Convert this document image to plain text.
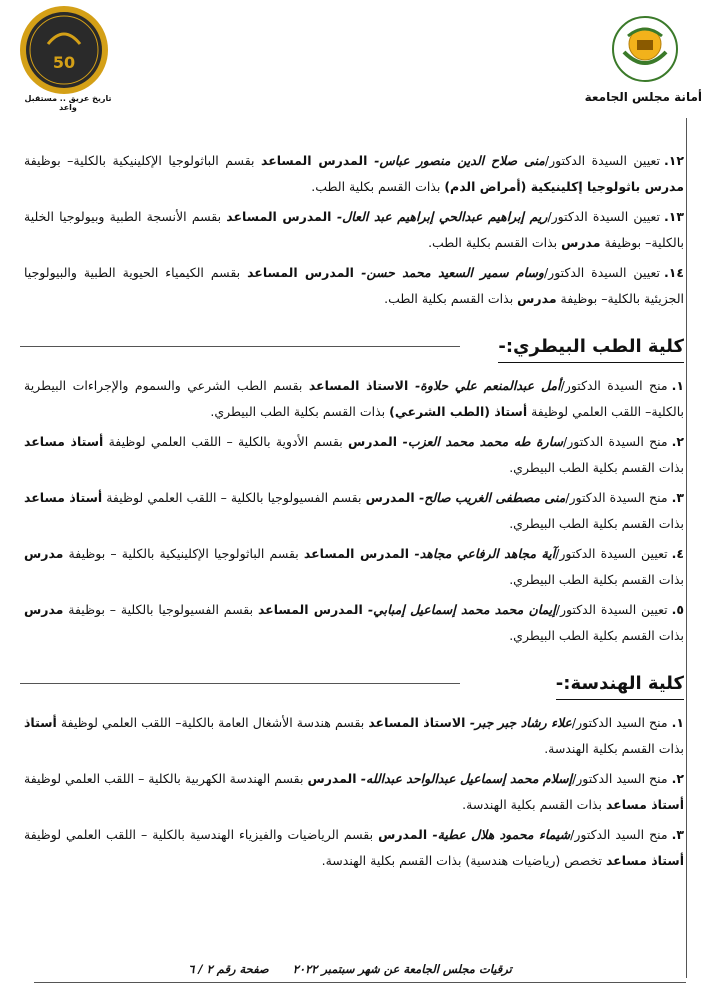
أمانة مجلس الجامعة
50
تاريخ عريق .. مستقبل واعد
١٢.تعيين السيدة الدكتور/منى صلاح الدين منصور عباس- المدرس المساعد بقسم الباثولوجيا الإكلينيكية بالكلية– بوظيفة مدرس باثولوجيا إكلينيكية (أمراض الدم) بذات القسم بكلية الطب.
١٣.تعيين السيدة الدكتور/ريم إبراهيم عبدالحي إبراهيم عبد العال- المدرس المساعد بقسم الأنسجة الطبية وبيولوجيا الخلية بالكلية– بوظيفة مدرس بذات القسم بكلية الطب.
١٤.تعيين السيدة الدكتور/وسام سمير السعيد محمد حسن- المدرس المساعد بقسم الكيمياء الحيوية الطبية والبيولوجيا الجزيئية بالكلية– بوظيفة مدرس بذات القسم بكلية الطب.
كلية الطب البيطري:-
١.منح السيدة الدكتور/أمل عبدالمنعم علي حلاوة- الاستاذ المساعد بقسم الطب الشرعي والسموم والإجراءات البيطرية بالكلية– اللقب العلمي لوظيفة أستاذ (الطب الشرعي) بذات القسم بكلية الطب البيطري.
٢.منح السيدة الدكتور/سارة طه محمد محمد العزب- المدرس بقسم الأدوية بالكلية – اللقب العلمي لوظيفة أستاذ مساعد بذات القسم بكلية الطب البيطري.
٣.منح السيدة الدكتور/منى مصطفى الغريب صالح- المدرس بقسم الفسيولوجيا بالكلية – اللقب العلمي لوظيفة أستاذ مساعد بذات القسم بكلية الطب البيطري.
٤.تعيين السيدة الدكتور/آية مجاهد الرفاعي مجاهد- المدرس المساعد بقسم الباثولوجيا الإكلينيكية بالكلية – بوظيفة مدرس بذات القسم بكلية الطب البيطري.
٥.تعيين السيدة الدكتور/إيمان محمد محمد إسماعيل إمبابي- المدرس المساعد بقسم الفسيولوجيا بالكلية – بوظيفة مدرس بذات القسم بكلية الطب البيطري.
كلية الهندسة:-
١.منح السيد الدكتور/علاء رشاد جبر جبر- الاستاذ المساعد بقسم هندسة الأشغال العامة بالكلية– اللقب العلمي لوظيفة أستاذ بذات القسم بكلية الهندسة.
٢.منح السيد الدكتور/إسلام محمد إسماعيل عبدالواحد عبدالله- المدرس بقسم الهندسة الكهربية بالكلية – اللقب العلمي لوظيفة أستاذ مساعد بذات القسم بكلية الهندسة.
٣.منح السيد الدكتور/شيماء محمود هلال عطية- المدرس بقسم الرياضيات والفيزياء الهندسية بالكلية – اللقب العلمي لوظيفة أستاذ مساعد تخصص (رياضيات هندسية) بذات القسم بكلية الهندسة.
ترقيات مجلس الجامعة عن شهر سبتمبر ٢٠٢٢      صفحة رقم ٢ / ٦
